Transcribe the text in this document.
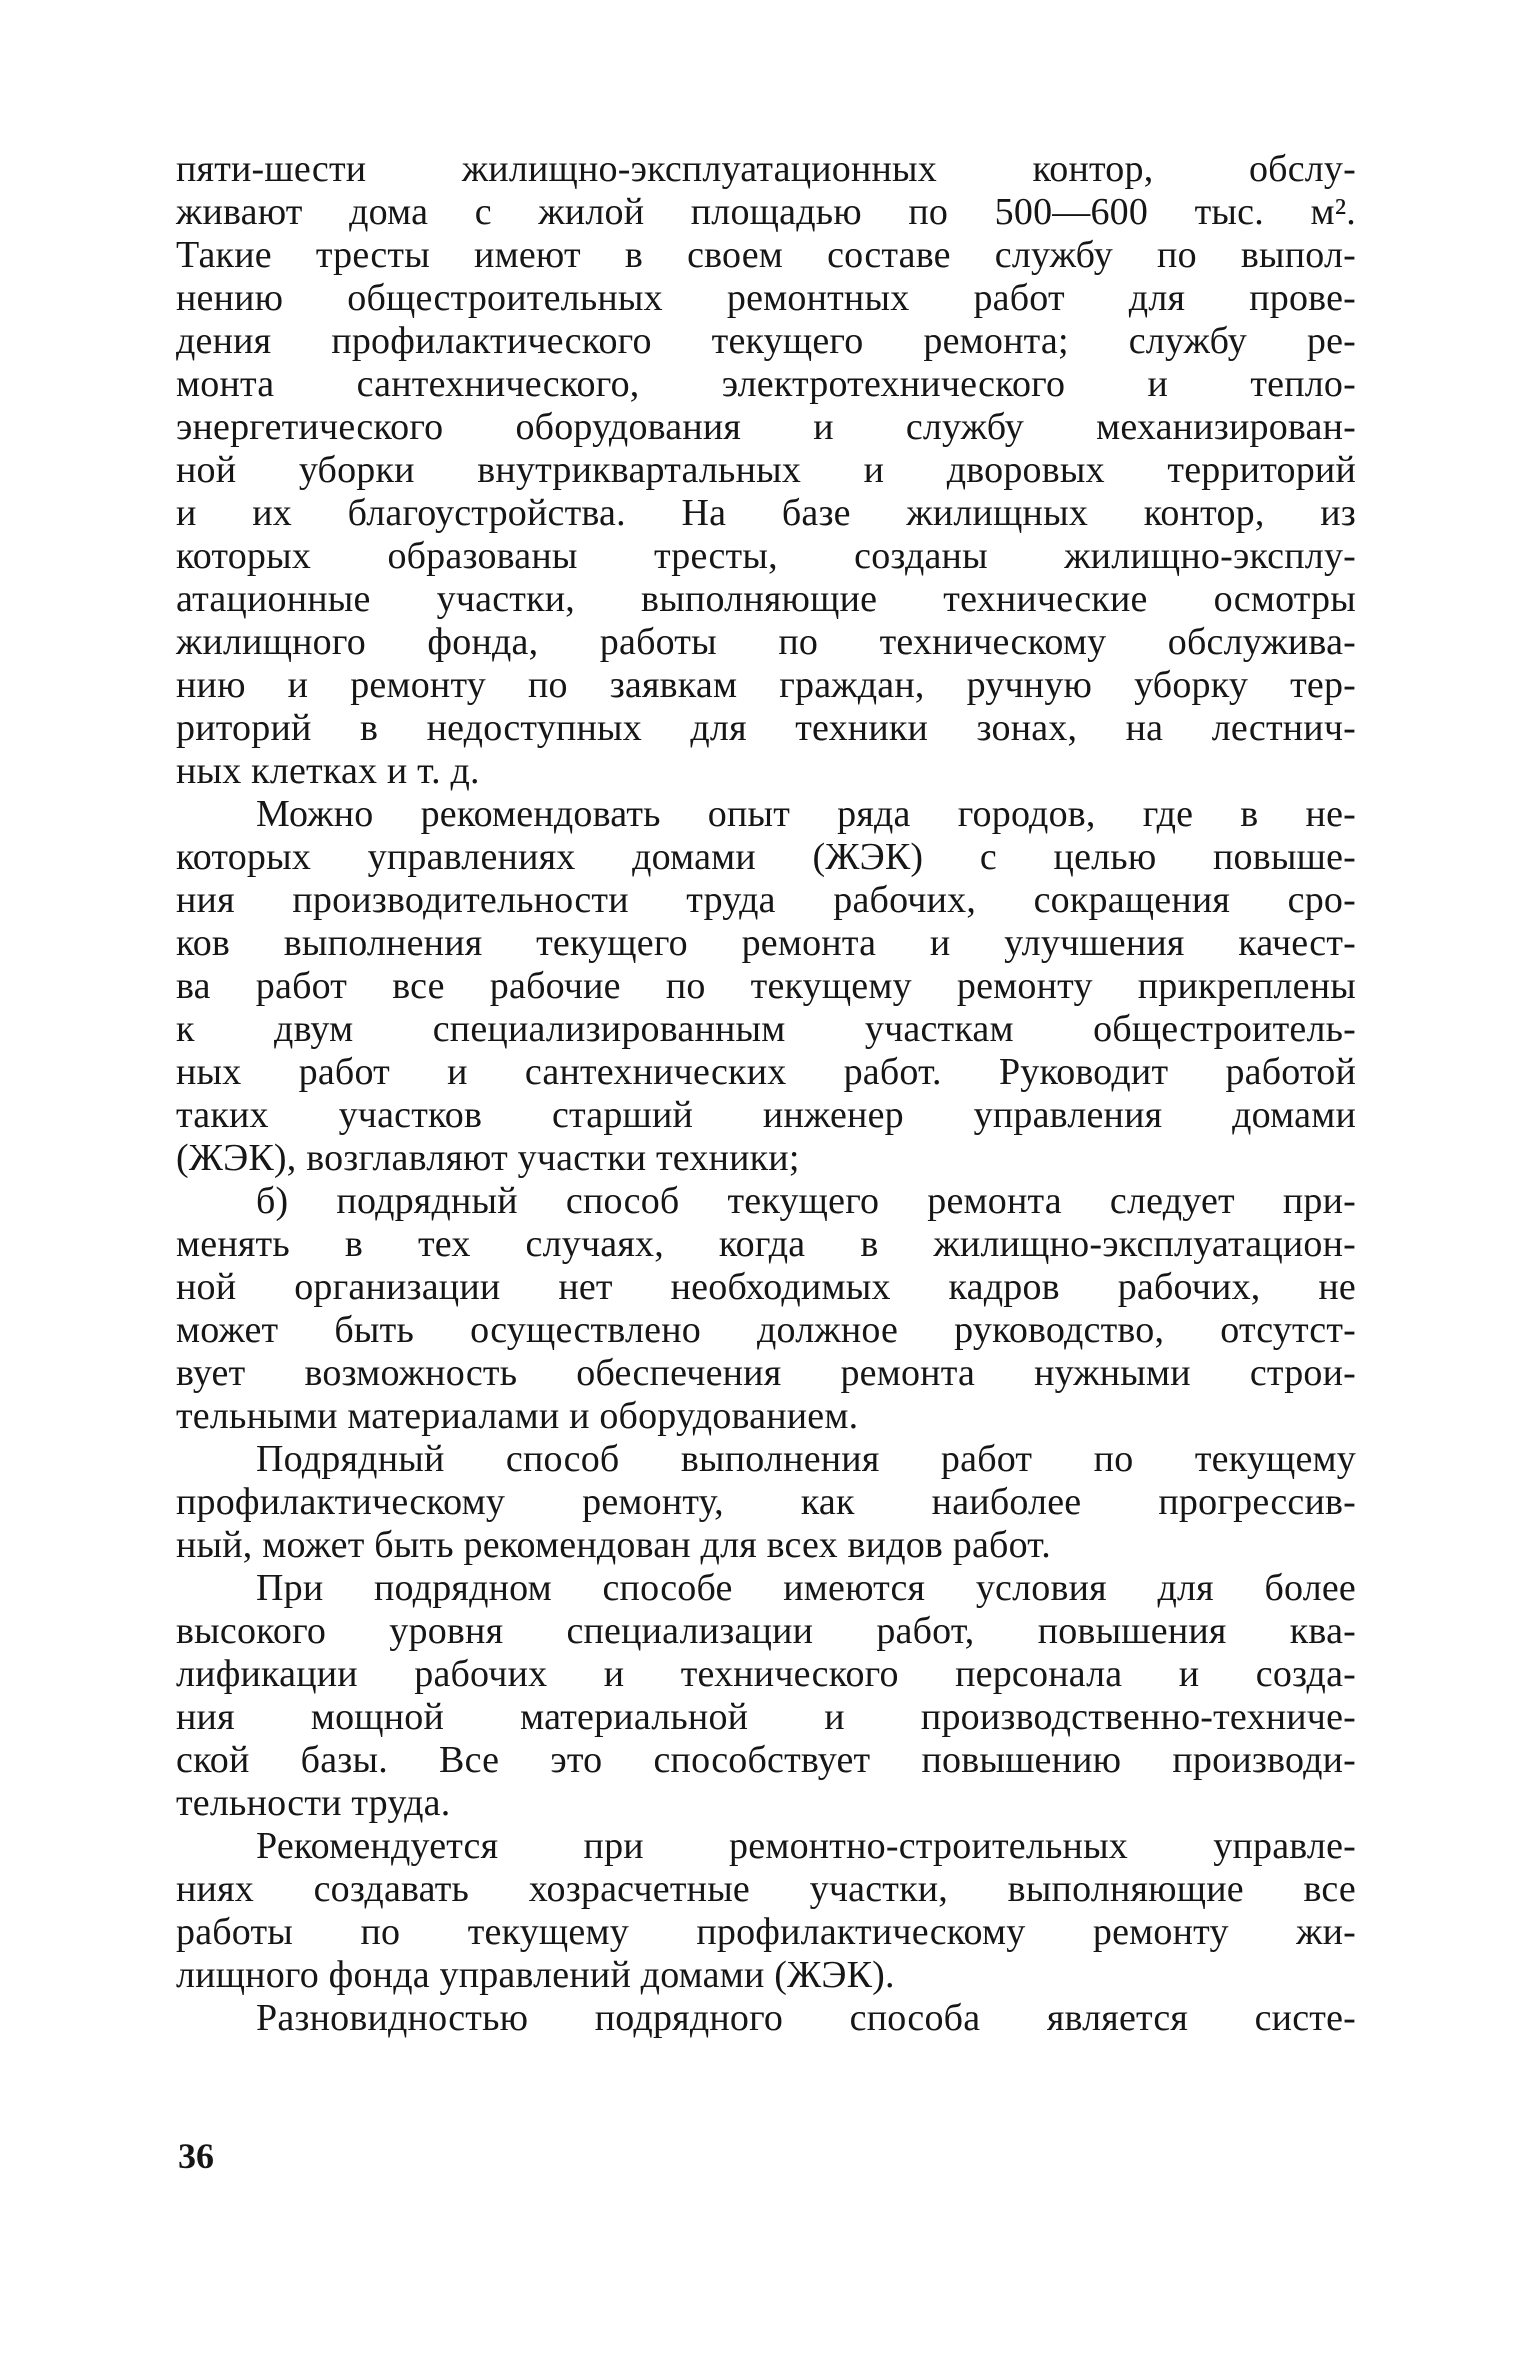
пяти-шести жилищно-эксплуатационных контор, обслу-
живают дома с жилой площадью по 500—600 тыс. м².
Такие тресты имеют в своем составе службу по выпол-
нению общестроительных ремонтных работ для прове-
дения профилактического текущего ремонта; службу ре-
монта сантехнического, электротехнического и тепло-
энергетического оборудования и службу механизирован-
ной уборки внутриквартальных и дворовых территорий
и их благоустройства. На базе жилищных контор, из
которых образованы тресты, созданы жилищно-эксплу-
атационные участки, выполняющие технические осмотры
жилищного фонда, работы по техническому обслужива-
нию и ремонту по заявкам граждан, ручную уборку тер-
риторий в недоступных для техники зонах, на лестнич-
ных клетках и т. д.
Можно рекомендовать опыт ряда городов, где в не-
которых управлениях домами (ЖЭК) с целью повыше-
ния производительности труда рабочих, сокращения сро-
ков выполнения текущего ремонта и улучшения качест-
ва работ все рабочие по текущему ремонту прикреплены
к двум специализированным участкам общестроитель-
ных работ и сантехнических работ. Руководит работой
таких участков старший инженер управления домами
(ЖЭК), возглавляют участки техники;
б) подрядный способ текущего ремонта следует при-
менять в тех случаях, когда в жилищно-эксплуатацион-
ной организации нет необходимых кадров рабочих, не
может быть осуществлено должное руководство, отсутст-
вует возможность обеспечения ремонта нужными строи-
тельными материалами и оборудованием.
Подрядный способ выполнения работ по текущему
профилактическому ремонту, как наиболее прогрессив-
ный, может быть рекомендован для всех видов работ.
При подрядном способе имеются условия для более
высокого уровня специализации работ, повышения ква-
лификации рабочих и технического персонала и созда-
ния мощной материальной и производственно-техниче-
ской базы. Все это способствует повышению производи-
тельности труда.
Рекомендуется при ремонтно-строительных управле-
ниях создавать хозрасчетные участки, выполняющие все
работы по текущему профилактическому ремонту жи-
лищного фонда управлений домами (ЖЭК).
Разновидностью подрядного способа является систе-
36
